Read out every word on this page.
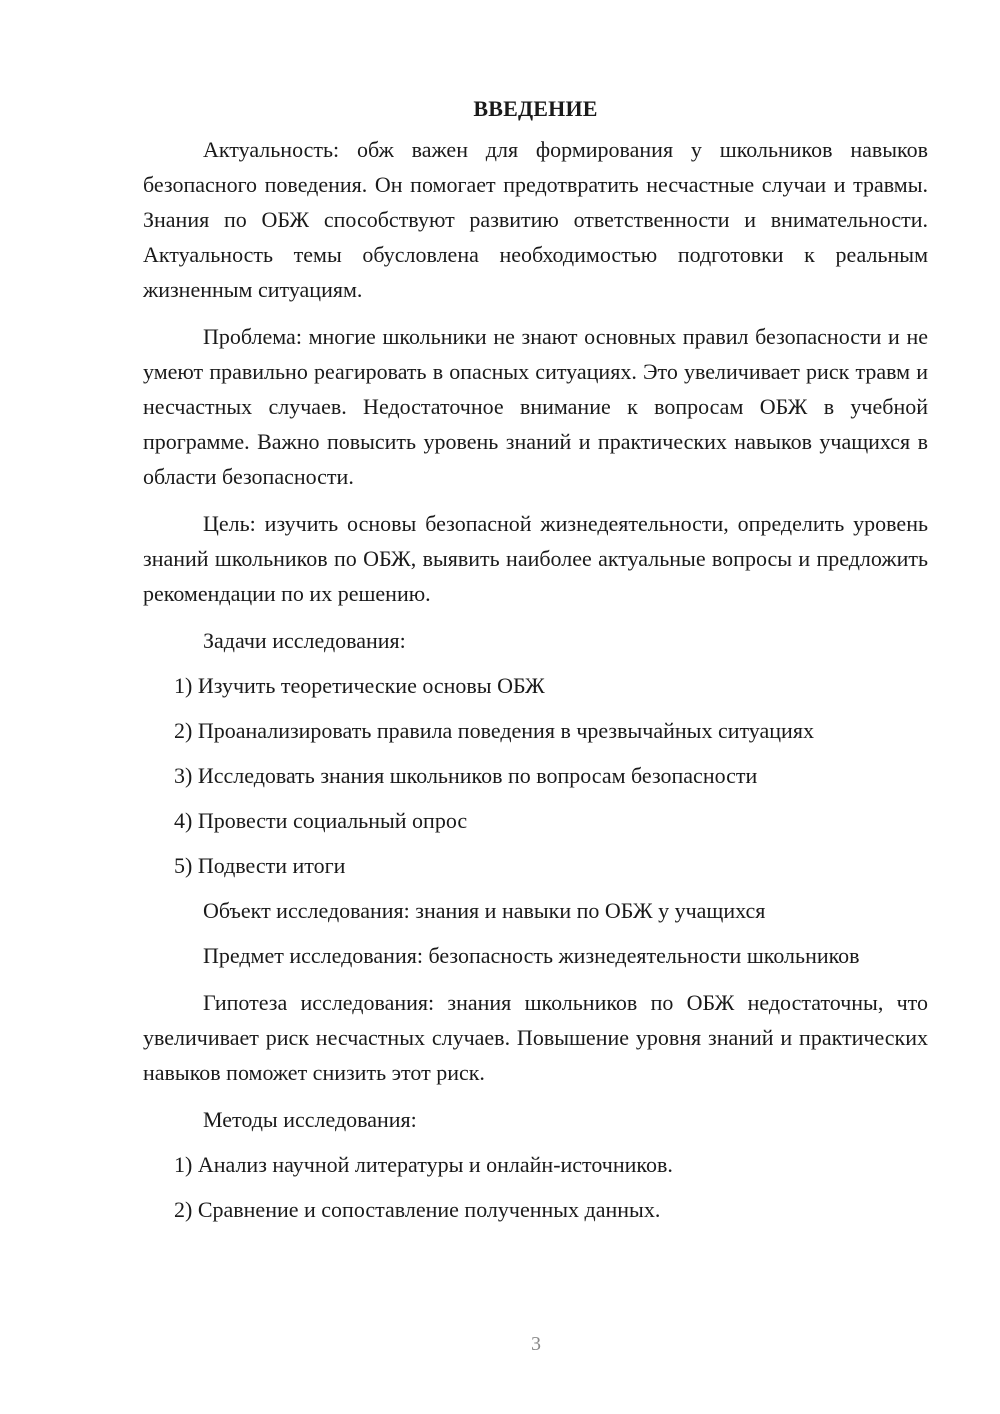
ВВЕДЕНИЕ

Актуальность: обж важен для формирования у школьников навыков безопасного поведения. Он помогает предотвратить несчастные случаи и травмы. Знания по ОБЖ способствуют развитию ответственности и внимательности. Актуальность темы обусловлена необходимостью подготовки к реальным жизненным ситуациям.

Проблема: многие школьники не знают основных правил безопасности и не умеют правильно реагировать в опасных ситуациях. Это увеличивает риск травм и несчастных случаев. Недостаточное внимание к вопросам ОБЖ в учебной программе. Важно повысить уровень знаний и практических навыков учащихся в области безопасности.

Цель: изучить основы безопасной жизнедеятельности, определить уровень знаний школьников по ОБЖ, выявить наиболее актуальные вопросы и предложить рекомендации по их решению.

Задачи исследования:
1) Изучить теоретические основы ОБЖ
2) Проанализировать правила поведения в чрезвычайных ситуациях
3) Исследовать знания школьников по вопросам безопасности
4) Провести социальный опрос
5) Подвести итоги

Объект исследования: знания и навыки по ОБЖ у учащихся

Предмет исследования: безопасность жизнедеятельности школьников

Гипотеза исследования: знания школьников по ОБЖ недостаточны, что увеличивает риск несчастных случаев. Повышение уровня знаний и практических навыков поможет снизить этот риск.

Методы исследования:
1) Анализ научной литературы и онлайн-источников.
2) Сравнение и сопоставление полученных данных.
3
